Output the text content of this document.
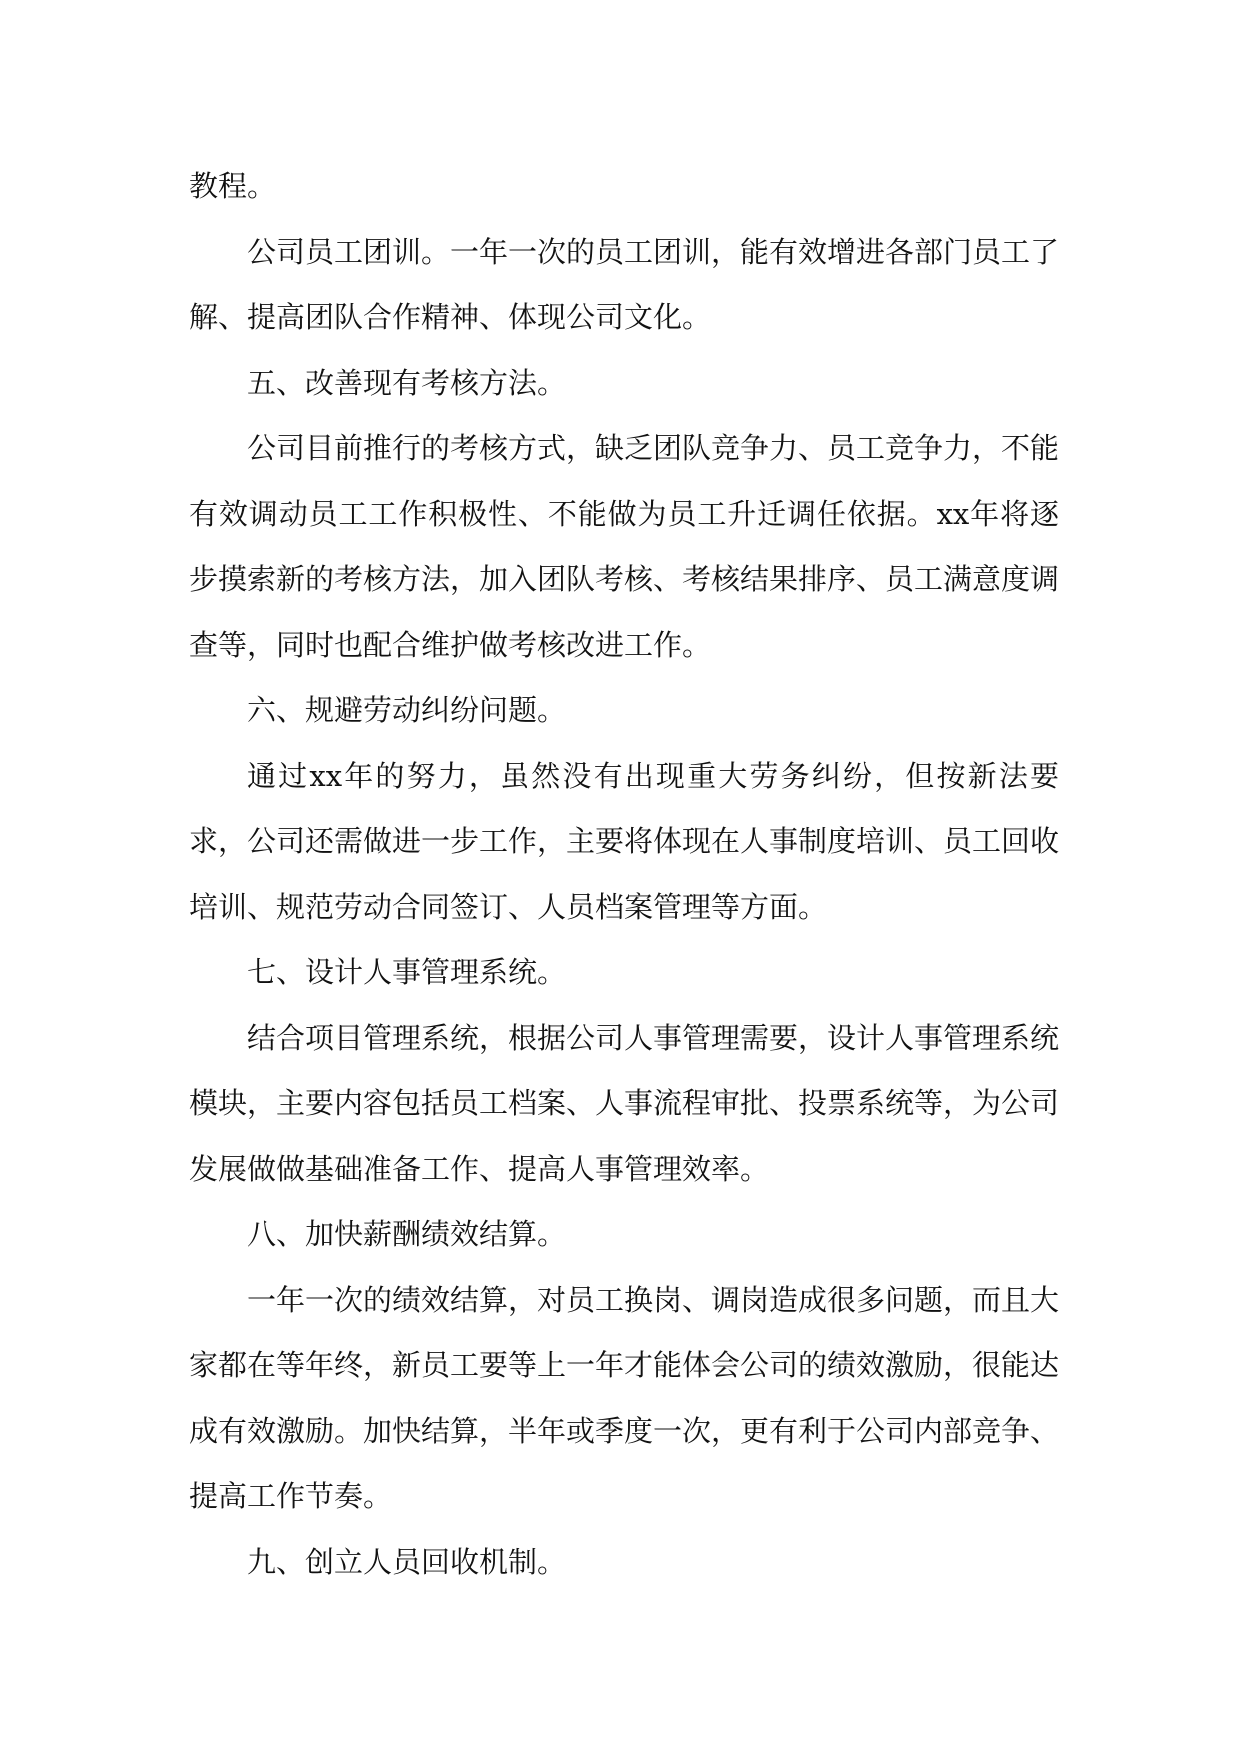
教程。

公司员工团训。一年一次的员工团训，能有效增进各部门员工了解、提高团队合作精神、体现公司文化。

五、改善现有考核方法。

公司目前推行的考核方式，缺乏团队竞争力、员工竞争力，不能有效调动员工工作积极性、不能做为员工升迁调任依据。xx年将逐步摸索新的考核方法，加入团队考核、考核结果排序、员工满意度调查等，同时也配合维护做考核改进工作。

六、规避劳动纠纷问题。

通过xx年的努力，虽然没有出现重大劳务纠纷，但按新法要求，公司还需做进一步工作，主要将体现在人事制度培训、员工回收培训、规范劳动合同签订、人员档案管理等方面。

七、设计人事管理系统。

结合项目管理系统，根据公司人事管理需要，设计人事管理系统模块，主要内容包括员工档案、人事流程审批、投票系统等，为公司发展做做基础准备工作、提高人事管理效率。

八、加快薪酬绩效结算。

一年一次的绩效结算，对员工换岗、调岗造成很多问题，而且大家都在等年终，新员工要等上一年才能体会公司的绩效激励，很能达成有效激励。加快结算，半年或季度一次，更有利于公司内部竞争、提高工作节奏。

九、创立人员回收机制。
